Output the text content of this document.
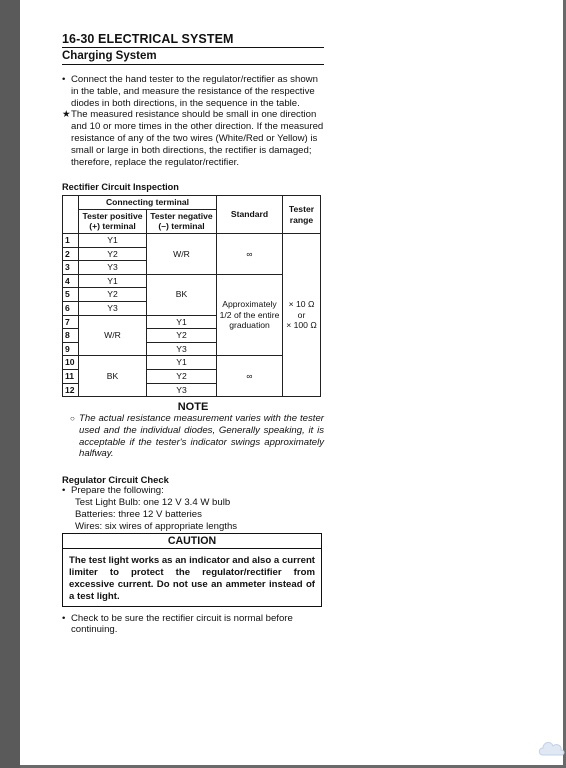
16-30 ELECTRICAL SYSTEM
Charging System

• Connect the hand tester to the regulator/rectifier as shown in the table, and measure the resistance of the respective diodes in both directions, in the sequence in the table.

★ The measured resistance should be small in one direction and 10 or more times in the other direction. If the measured resistance of any of the two wires (White/Red or Yellow) is small or large in both directions, the rectifier is damaged; therefore, replace the regulator/rectifier.

Rectifier Circuit Inspection
	Connecting terminal		Standard	Tester range
	Tester positive (+) terminal	Tester negative (–) terminal		
1	Y1	W/R	∞	× 10 Ω
or
× 100 Ω

2	Y2			
3	Y3			
4	Y1	BK	Approximately 1/2 of the entire graduation	
5	Y2			
6	Y3			
7	W/R	Y1		
8		Y2		
9		Y3		
10	BK	Y1	∞	
11		Y2		
12		Y3		
NOTE
○ The actual resistance measurement varies with the tester used and the individual diodes, Generally speaking, it is acceptable if the tester's indicator swings approximately halfway.
Regulator Circuit Check

• Prepare the following:

Test Light Bulb: one 12 V 3.4 W bulb
Batteries: three 12 V batteries
Wires: six wires of appropriate lengths
CAUTION
The test light works as an indicator and also a current limiter to protect the regulator/rectifier from excessive current. Do not use an ammeter instead of a test light.

• Check to be sure the rectifier circuit is normal before continuing.
